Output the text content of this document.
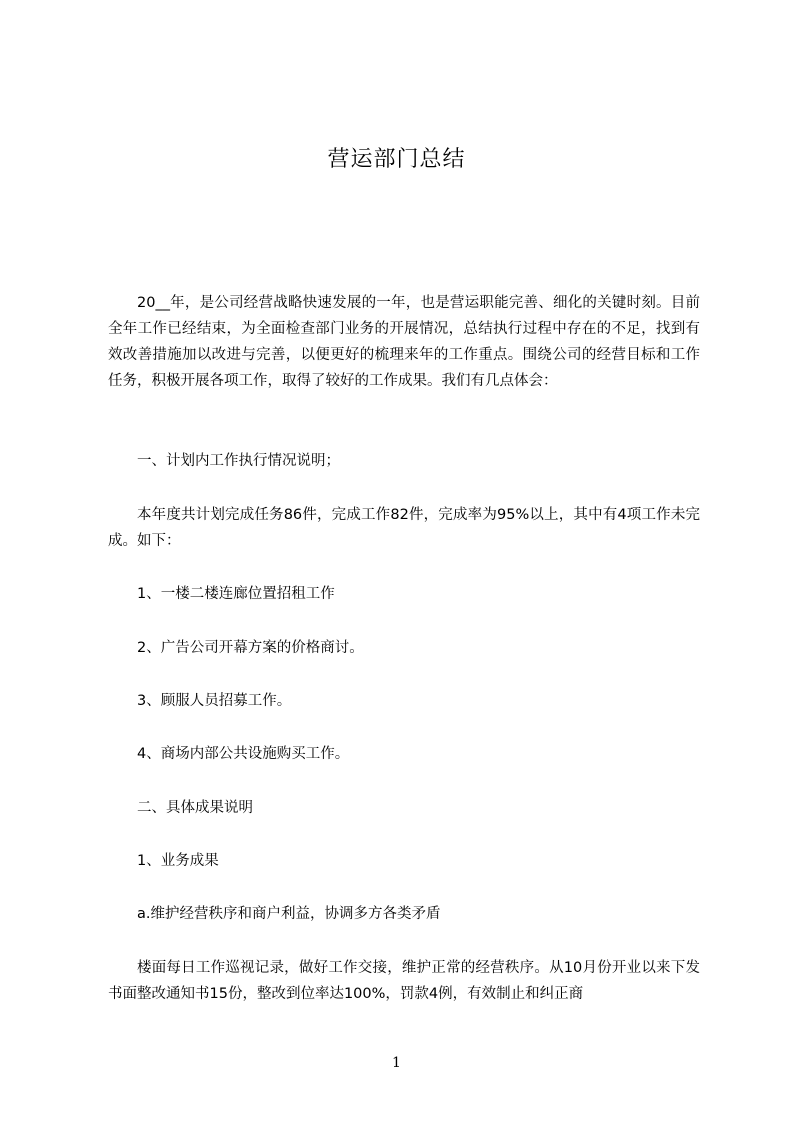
营运部门总结

20__年，是公司经营战略快速发展的一年，也是营运职能完善、细化的关键时刻。目前全年工作已经结束，为全面检查部门业务的开展情况，总结执行过程中存在的不足，找到有效改善措施加以改进与完善，以便更好的梳理来年的工作重点。围绕公司的经营目标和工作任务，积极开展各项工作，取得了较好的工作成果。我们有几点体会：

一、计划内工作执行情况说明；

本年度共计划完成任务86件，完成工作82件，完成率为95%以上，其中有4项工作未完成。如下：

1、一楼二楼连廊位置招租工作
2、广告公司开幕方案的价格商讨。
3、顾服人员招募工作。
4、商场内部公共设施购买工作。
二、具体成果说明
1、业务成果
a.维护经营秩序和商户利益，协调多方各类矛盾

楼面每日工作巡视记录，做好工作交接，维护正常的经营秩序。从10月份开业以来下发书面整改通知书15份，整改到位率达100%，罚款4例，有效制止和纠正商

1
